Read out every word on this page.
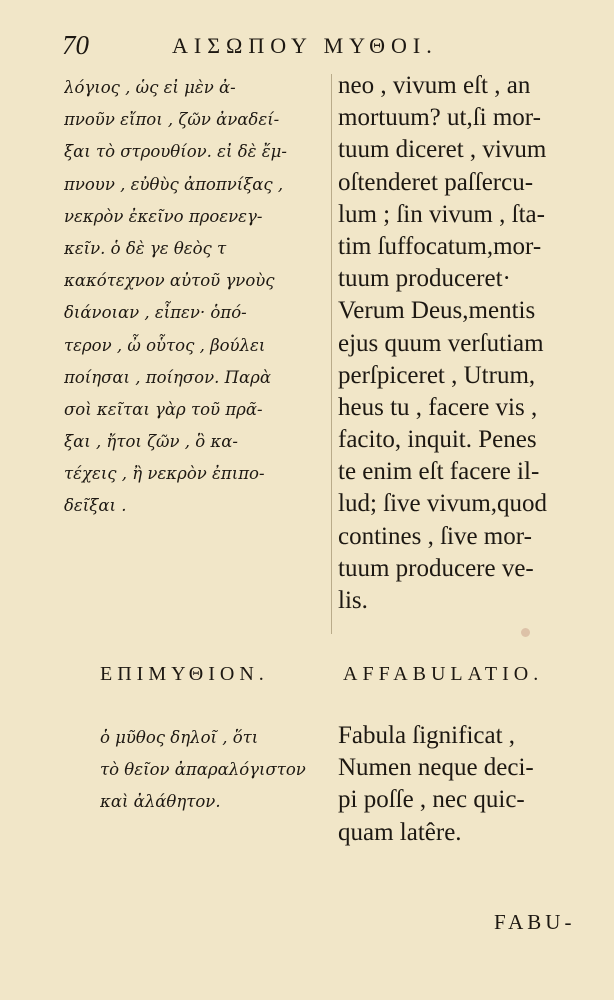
70	ΑΙΣΩΠΟΥ ΜΥΘΟΙ.
λόγιος , ὡς εἰ μὲν ἀ-
πνοῦν εἴποι , ζῶν ἀναδεί-
ξαι τὸ στρουθίον. εἰ δὲ ἔμ-
πνουν , εὐθὺς ἀποπνίξας ,
νεκρὸν ἐκεῖνο προενεγ-
κεῖν. ὁ δὲ γε θεὸς τ
κακότεχνον αὐτοῦ γνοὺς
διάνοιαν , εἶπεν· ὁπό-
τερον , ὦ οὗτος , βούλει
ποίησαι , ποίησον. Παρὰ
σοὶ κεῖται γὰρ τοῦ πρᾶ-
ξαι , ἤτοι ζῶν , ὃ κα-
τέχεις , ἢ νεκρὸν ἐπιπο-
δεῖξαι .
neo , vivum eſt , an
mortuum? ut,ſi mor-
tuum diceret , vivum
oſtenderet paſſercu-
lum ; ſin vivum , ſta-
tim ſuffocatum,mor-
tuum produceret·
Verum Deus,mentis
ejus quum verſutiam
perſpiceret , Utrum,
heus tu , facere vis ,
facito, inquit. Penes
te enim eſt facere il-
lud; ſive vivum,quod
contines , ſive mor-
tuum producere ve-
lis.
ΕΠΙΜΥΘΙΟΝ.	AFFABULATIO.
ὁ μῦθος δηλοῖ , ὅτι
τὸ θεῖον ἀπαραλόγιστον
καὶ ἀλάθητον.
Fabula ſignificat ,
Numen neque deci-
pi poſſe , nec quic-
quam latêre.
FABU-
